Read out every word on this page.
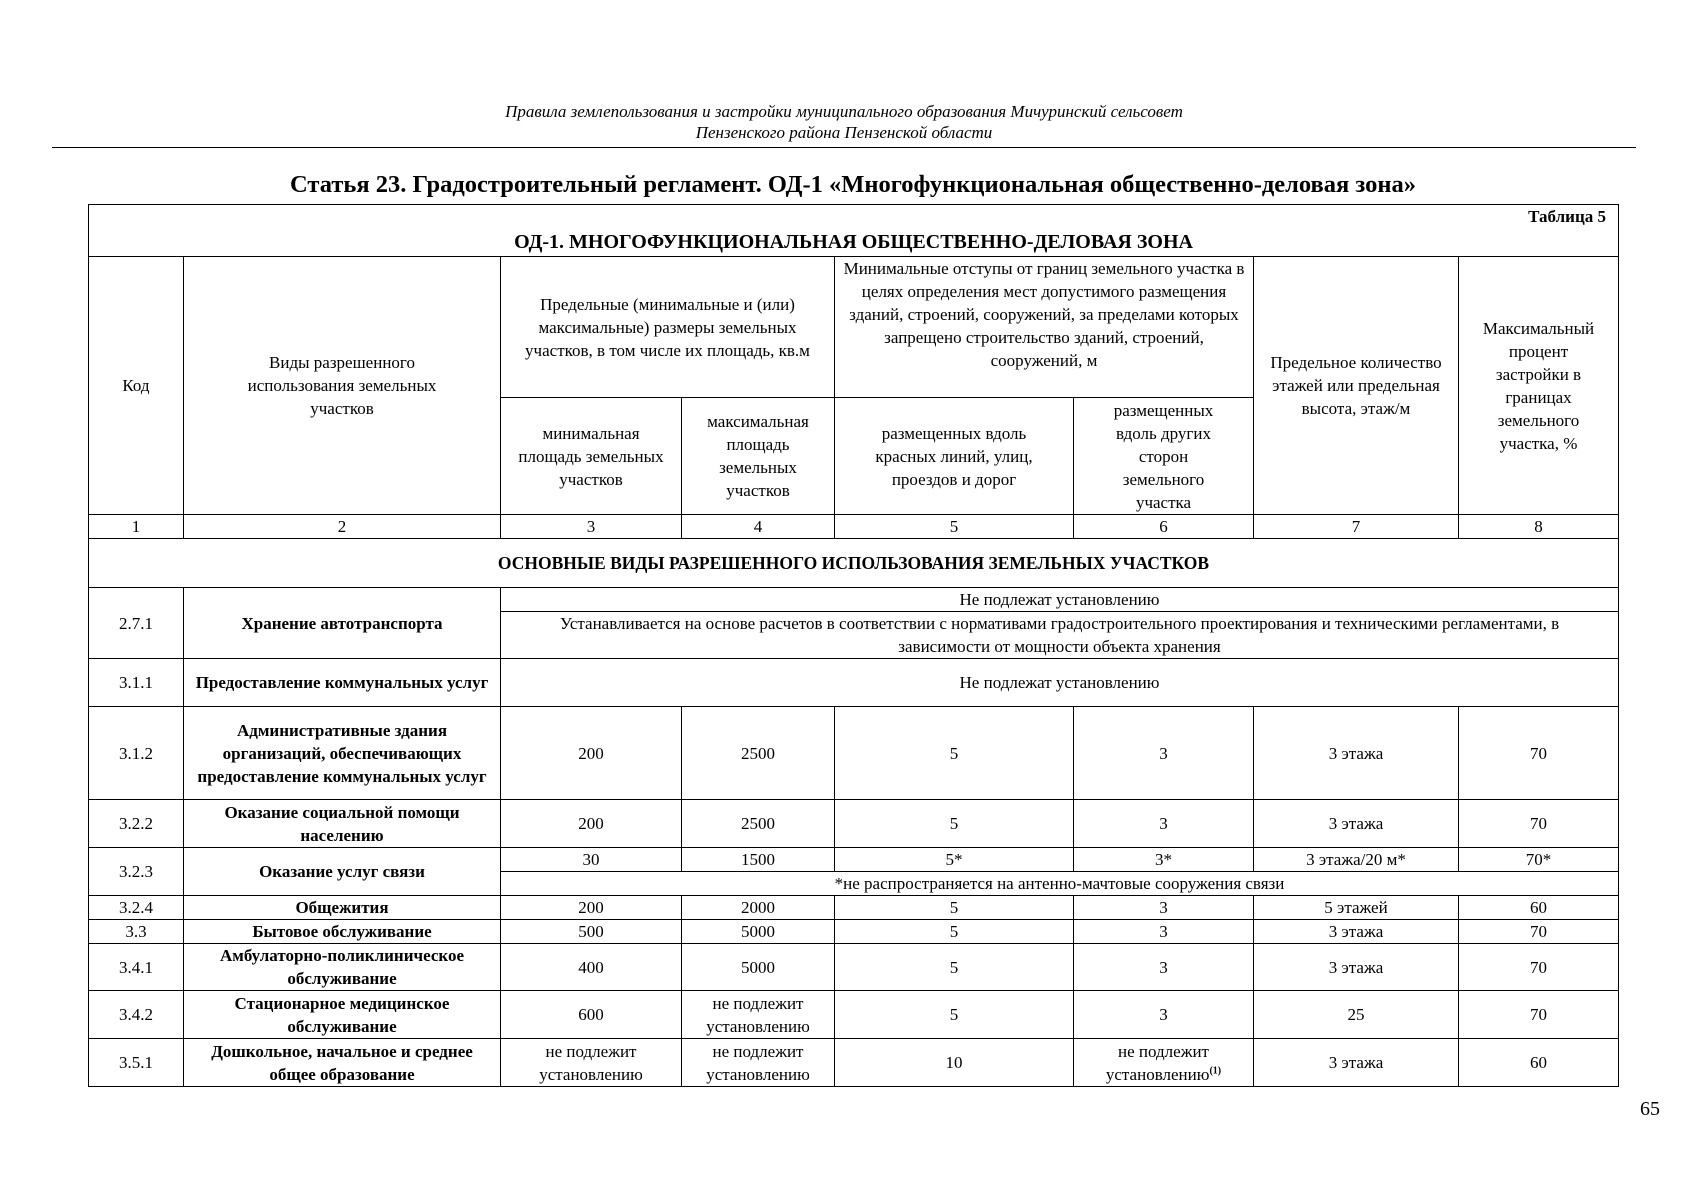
Правила землепользования и застройки муниципального образования Мичуринский сельсовет
Пензенского района Пензенской области
Статья 23. Градостроительный регламент. ОД-1 «Многофункциональная общественно-деловая зона»
Таблица 5
ОД-1. МНОГОФУНКЦИОНАЛЬНАЯ ОБЩЕСТВЕННО-ДЕЛОВАЯ ЗОНА							

Код	Виды разрешенного использования земельных участков	Предельные (минимальные и (или) максимальные) размеры земельных участков, в том числе их площадь, кв.м		Минимальные отступы от границ земельного участка в целях определения мест допустимого размещения зданий, строений, сооружений, за пределами которых запрещено строительство зданий, строений, сооружений, м		Предельное количество этажей или предельная высота, этаж/м	Максимальный процент застройки в границах земельного участка, %
		минимальная площадь земельных участков	максимальная площадь земельных участков	размещенных вдоль красных линий, улиц, проездов и дорог	размещенных вдоль других сторон земельного участка		
1	2	3	4	5	6	7	8
ОСНОВНЫЕ ВИДЫ РАЗРЕШЕННОГО ИСПОЛЬЗОВАНИЯ ЗЕМЕЛЬНЫХ УЧАСТКОВ							
2.7.1	Хранение автотранспорта	Не подлежат установлению					
		Устанавливается на основе расчетов в соответствии с нормативами градостроительного проектирования и техническими регламентами, в зависимости от мощности объекта хранения					
3.1.1	Предоставление коммунальных услуг	Не подлежат установлению					
3.1.2	Административные здания организаций, обеспечивающих предоставление коммунальных услуг	200	2500	5	3	3 этажа	70
3.2.2	Оказание социальной помощи населению	200	2500	5	3	3 этажа	70
3.2.3	Оказание услуг связи	30	1500	5*	3*	3 этажа/20 м*	70*
		*не распространяется на антенно-мачтовые сооружения связи					
3.2.4	Общежития	200	2000	5	3	5 этажей	60
3.3	Бытовое обслуживание	500	5000	5	3	3 этажа	70
3.4.1	Амбулаторно-поликлиническое обслуживание	400	5000	5	3	3 этажа	70
3.4.2	Стационарное медицинское обслуживание	600	не подлежит установлению	5	3	25	70
3.5.1	Дошкольное, начальное и среднее общее образование	не подлежит установлению	не подлежит установлению	10	не подлежит установлению$^{(1)}$	3 этажа	60
65
